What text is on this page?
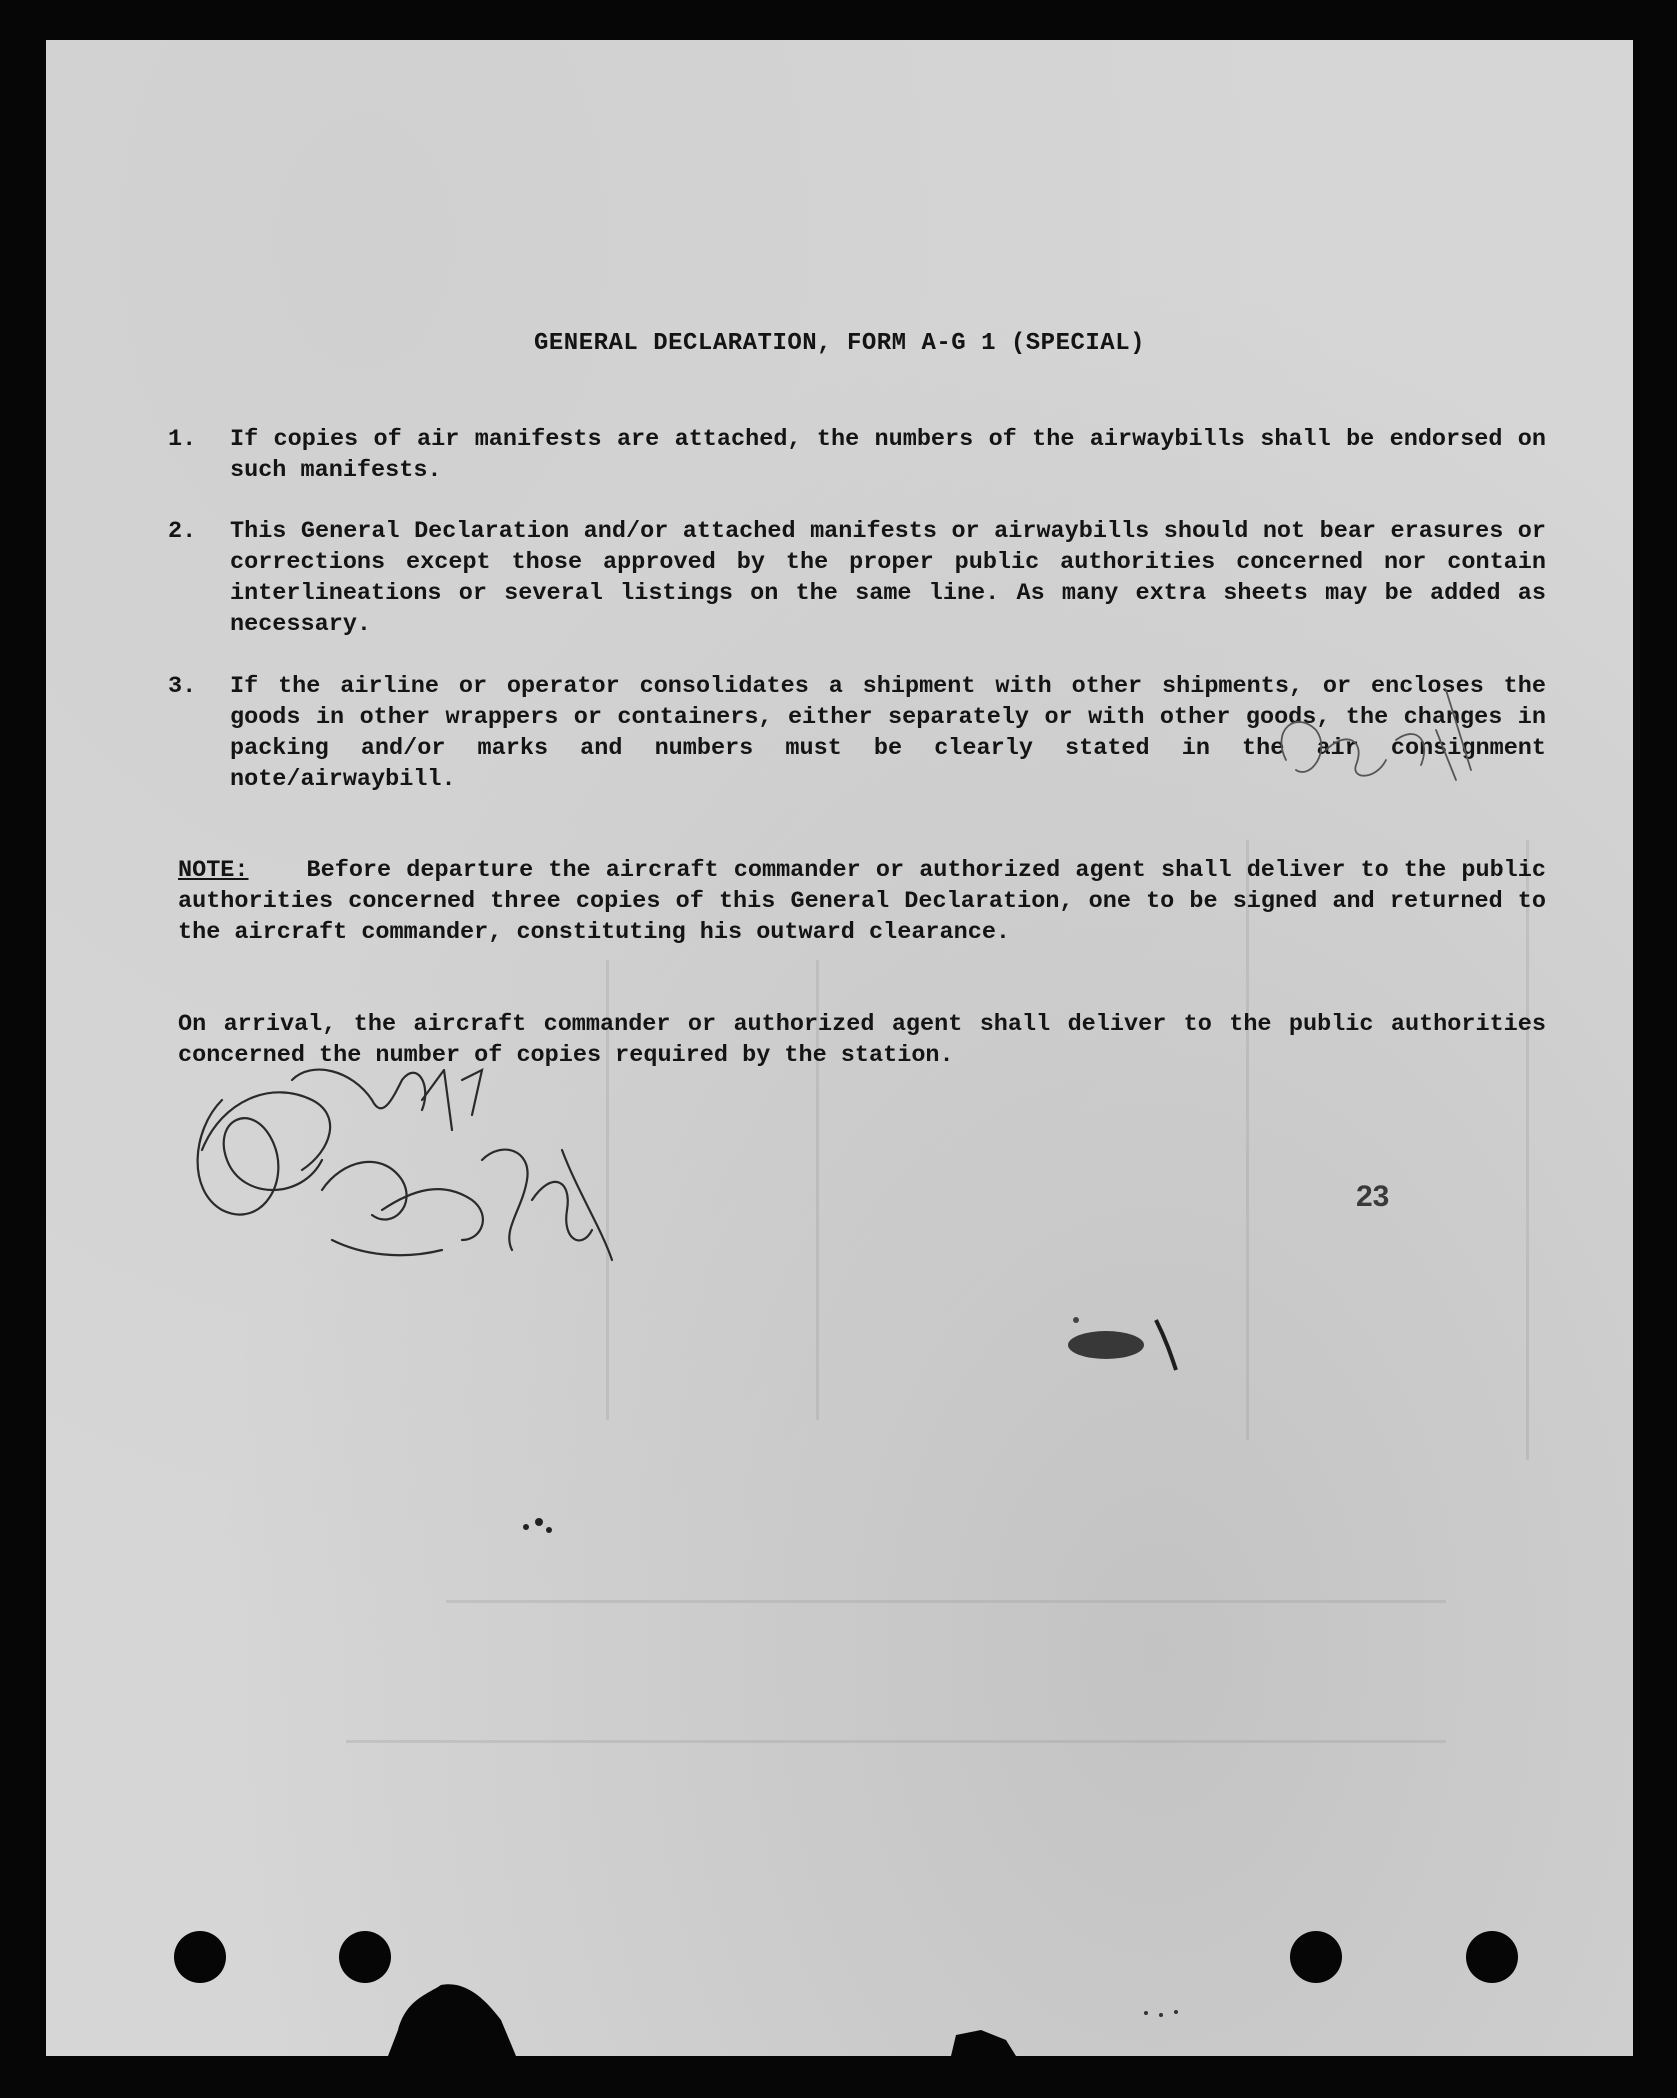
GENERAL DECLARATION, FORM A-G 1 (SPECIAL)
1.	If copies of air manifests are attached, the numbers of the airwaybills shall be endorsed on such manifests.
2.	This General Declaration and/or attached manifests or airwaybills should not bear erasures or corrections except those approved by the proper public authorities concerned nor contain interlineations or several listings on the same line. As many extra sheets may be added as necessary.
3.	If the airline or operator consolidates a shipment with other shipments, or encloses the goods in other wrappers or containers, either separately or with other goods, the changes in packing and/or marks and numbers must be clearly stated in the air consignment note/airwaybill.
NOTE: Before departure the aircraft commander or authorized agent shall deliver to the public authorities concerned three copies of this General Declaration, one to be signed and returned to the aircraft commander, constituting his outward clearance.
On arrival, the aircraft commander or authorized agent shall deliver to the public authorities concerned the number of copies required by the station.
23
